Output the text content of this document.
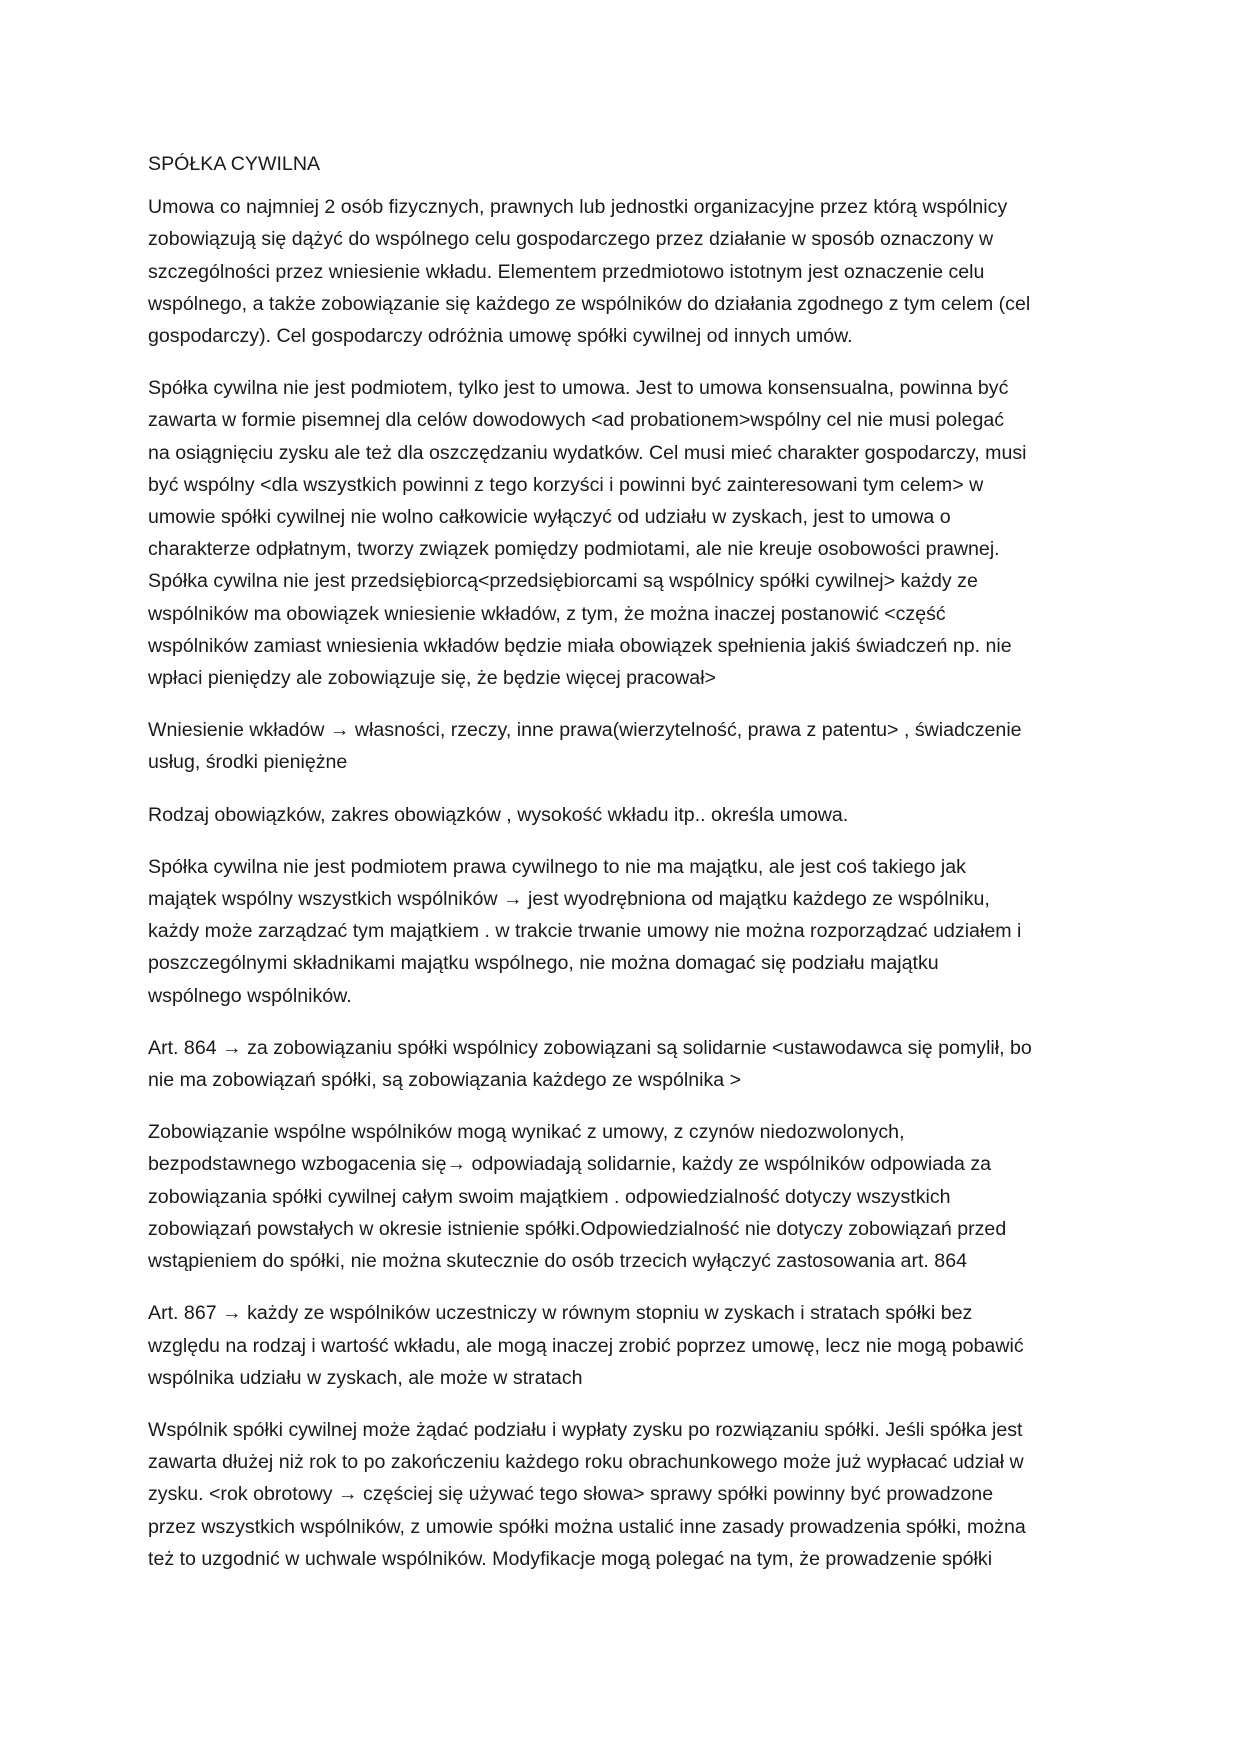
SPÓŁKA CYWILNA

Umowa co najmniej 2 osób fizycznych, prawnych lub jednostki organizacyjne przez którą wspólnicy
zobowiązują się dążyć do wspólnego celu gospodarczego przez działanie w sposób oznaczony w
szczególności przez wniesienie wkładu. Elementem przedmiotowo istotnym jest oznaczenie celu
wspólnego, a także zobowiązanie się każdego ze wspólników do działania zgodnego z tym celem (cel
gospodarczy). Cel gospodarczy odróżnia umowę spółki cywilnej od innych umów.

Spółka cywilna nie jest podmiotem, tylko jest to umowa. Jest to umowa konsensualna, powinna być
zawarta w formie pisemnej dla celów dowodowych <ad probationem>wspólny cel nie musi polegać
na osiągnięciu zysku ale też dla oszczędzaniu wydatków. Cel musi mieć charakter gospodarczy, musi
być wspólny <dla wszystkich powinni z tego korzyści i powinni być zainteresowani tym celem> w
umowie spółki cywilnej nie wolno całkowicie wyłączyć od udziału w zyskach, jest to umowa o
charakterze odpłatnym, tworzy związek pomiędzy podmiotami, ale nie kreuje osobowości prawnej.
Spółka cywilna nie jest przedsiębiorcą<przedsiębiorcami są wspólnicy spółki cywilnej> każdy ze
wspólników ma obowiązek wniesienie wkładów, z tym, że można inaczej postanowić <część
wspólników zamiast wniesienia wkładów będzie miała obowiązek spełnienia jakiś świadczeń np. nie
wpłaci pieniędzy ale zobowiązuje się, że będzie więcej pracował>

Wniesienie wkładów → własności, rzeczy, inne prawa(wierzytelność, prawa z patentu> , świadczenie
usług, środki pieniężne

Rodzaj obowiązków, zakres obowiązków , wysokość wkładu itp.. określa umowa.

Spółka cywilna nie jest podmiotem prawa cywilnego to nie ma majątku, ale jest coś takiego jak
majątek wspólny wszystkich wspólników → jest wyodrębniona od majątku każdego ze wspólniku,
każdy może zarządzać tym majątkiem . w trakcie trwanie umowy nie można rozporządzać udziałem i
poszczególnymi składnikami majątku wspólnego, nie można domagać się podziału majątku
wspólnego wspólników.

Art. 864 → za zobowiązaniu spółki wspólnicy zobowiązani są solidarnie <ustawodawca się pomylił, bo
nie ma zobowiązań spółki, są zobowiązania każdego ze wspólnika >

Zobowiązanie wspólne wspólników mogą wynikać z umowy, z czynów niedozwolonych,
bezpodstawnego wzbogacenia się→ odpowiadają solidarnie, każdy ze wspólników odpowiada za
zobowiązania spółki cywilnej całym swoim majątkiem . odpowiedzialność dotyczy wszystkich
zobowiązań powstałych w okresie istnienie spółki.Odpowiedzialność nie dotyczy zobowiązań przed
wstąpieniem do spółki, nie można skutecznie do osób trzecich wyłączyć zastosowania art. 864

Art. 867 → każdy ze wspólników uczestniczy w równym stopniu w zyskach i stratach spółki bez
względu na rodzaj i wartość wkładu, ale mogą inaczej zrobić poprzez umowę, lecz nie mogą pobawić
wspólnika udziału w zyskach, ale może w stratach

Wspólnik spółki cywilnej może żądać podziału i wypłaty zysku po rozwiązaniu spółki. Jeśli spółka jest
zawarta dłużej niż rok to po zakończeniu każdego roku obrachunkowego może już wypłacać udział w
zysku. <rok obrotowy → częściej się używać tego słowa> sprawy spółki powinny być prowadzone
przez wszystkich wspólników, z umowie spółki można ustalić inne zasady prowadzenia spółki, można
też to uzgodnić w uchwale wspólników. Modyfikacje mogą polegać na tym, że prowadzenie spółki
